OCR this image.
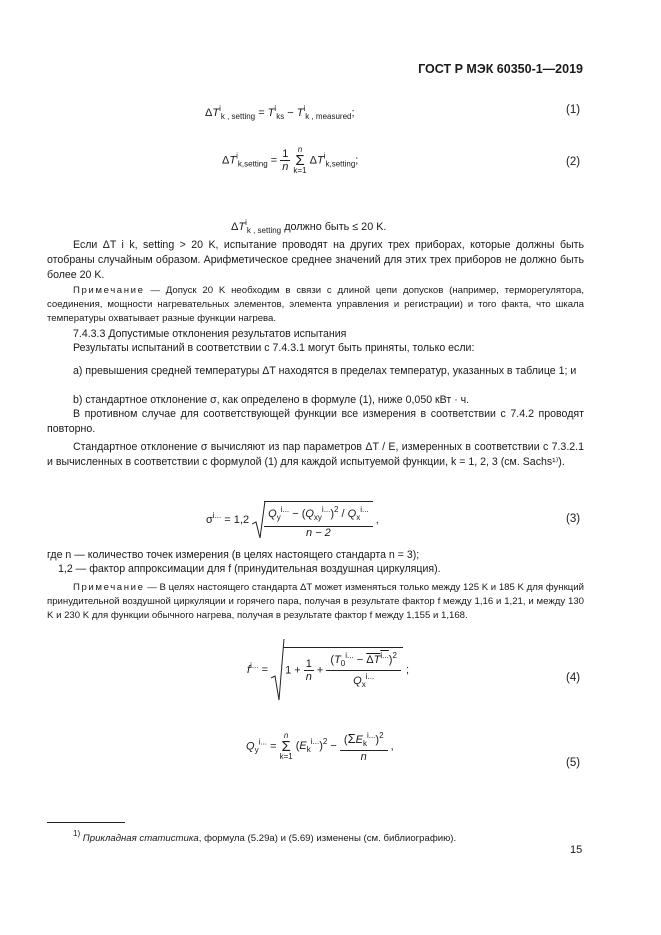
ГОСТ Р МЭК 60350-1—2019
$\Delta T^i_{k , setting} = T^i_{ks} - T^i_{k , measured}$;	(1)
$\Delta T^i_{k,setting} = \frac{1}{n}$
n
Σ
k=1
$\Delta T^i_{k,setting}$;	(2)
$\Delta T^i_{k , setting}$ должно быть ≤ 20 K.
Если ΔT i k, setting > 20 K, испытание проводят на других трех приборах, которые должны быть отобраны случайным образом. Арифметическое среднее значений для этих трех приборов не должно быть более 20 K.
Примечание — Допуск 20 K необходим в связи с длиной цепи допусков (например, терморегулятора, соединения, мощности нагревательных элементов, элемента управления и регистрации) и того факта, что шкала температуры охватывает разные функции нагрева.
7.4.3.3 Допустимые отклонения результатов испытания
Результаты испытаний в соответствии с 7.4.3.1 могут быть приняты, только если:
a) превышения средней температуры ΔT находятся в пределах температур, указанных в таблице 1; и
b) стандартное отклонение σ, как определено в формуле (1), ниже 0,050 кВт · ч.
В противном случае для соответствующей функции все измерения в соответствии с 7.4.2 проводят повторно.
Стандартное отклонение σ вычисляют из пар параметров ΔT / E, измеренных в соответствии с 7.3.2.1 и вычисленных в соответствии с формулой (1) для каждой испытуемой функции, k = 1, 2, 3 (см. Sachs¹⁾).
$\sigma^{i...} = 1,2 \frac{Q_y^{i...} - (Q_{xy}^{i...})^2 / Q_x^{i...}}{n - 2}$ ,	(3)
где n — количество точек измерения (в целях настоящего стандарта n = 3);
1,2 — фактор аппроксимации для f (принудительная воздушная циркуляция).
Примечание — В целях настоящего стандарта ΔT может изменяться только между 125 K и 185 K для функций принудительной воздушной циркуляции и горячего пара, получая в результате фактор f между 1,16 и 1,21, и между 130 K и 230 K для функции обычного нагрева, получая в результате фактор f между 1,155 и 1,168.
$f^{i...} = 1 + \frac{1}{n} + \frac{(T_0^{i...} - \Delta T^{i...})^2}{Q_x^{i...}}$ ;
(4)
$Q_y^{i...}$ =
n
Σ
k=1
$(E_k^{i...})^2 - \frac{(\Sigma E_k^{i...})^2}{n}$ ,
(5)
$^{1)}$ Прикладная статистика, формула (5.29a) и (5.69) изменены (см. библиографию).
15
